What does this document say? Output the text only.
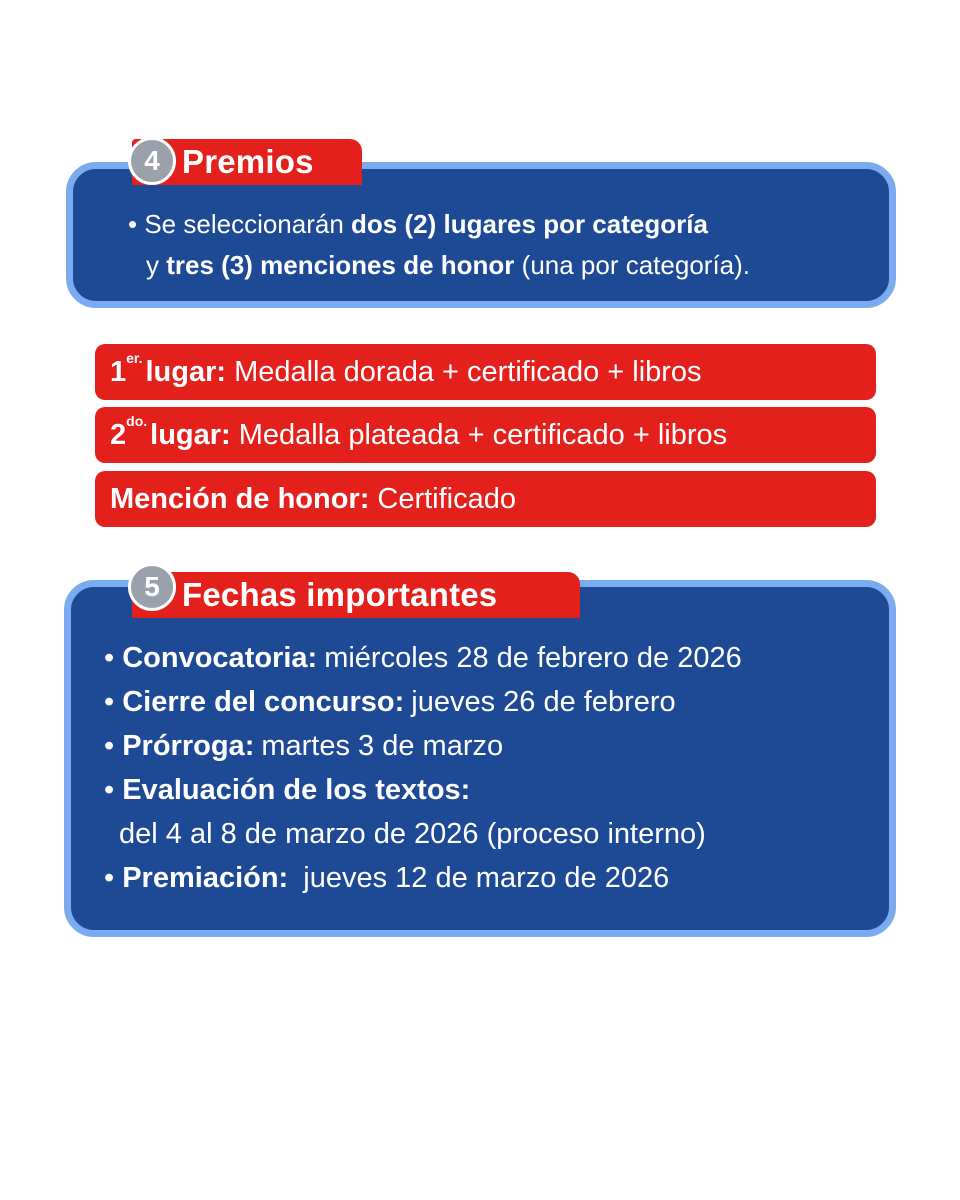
Premios
4
• Se seleccionarán dos (2) lugares por categoría
y tres (3) menciones de honor (una por categoría).
$1^{er.}$ lugar: Medalla dorada + certificado + libros
$2^{do.}$ lugar: Medalla plateada + certificado + libros
Mención de honor: Certificado
Fechas importantes
5
• Convocatoria: miércoles 28 de febrero de 2026
• Cierre del concurso: jueves 26 de febrero
• Prórroga: martes 3 de marzo
• Evaluación de los textos:
del 4 al 8 de marzo de 2026 (proceso interno)
• Premiación: jueves 12 de marzo de 2026
